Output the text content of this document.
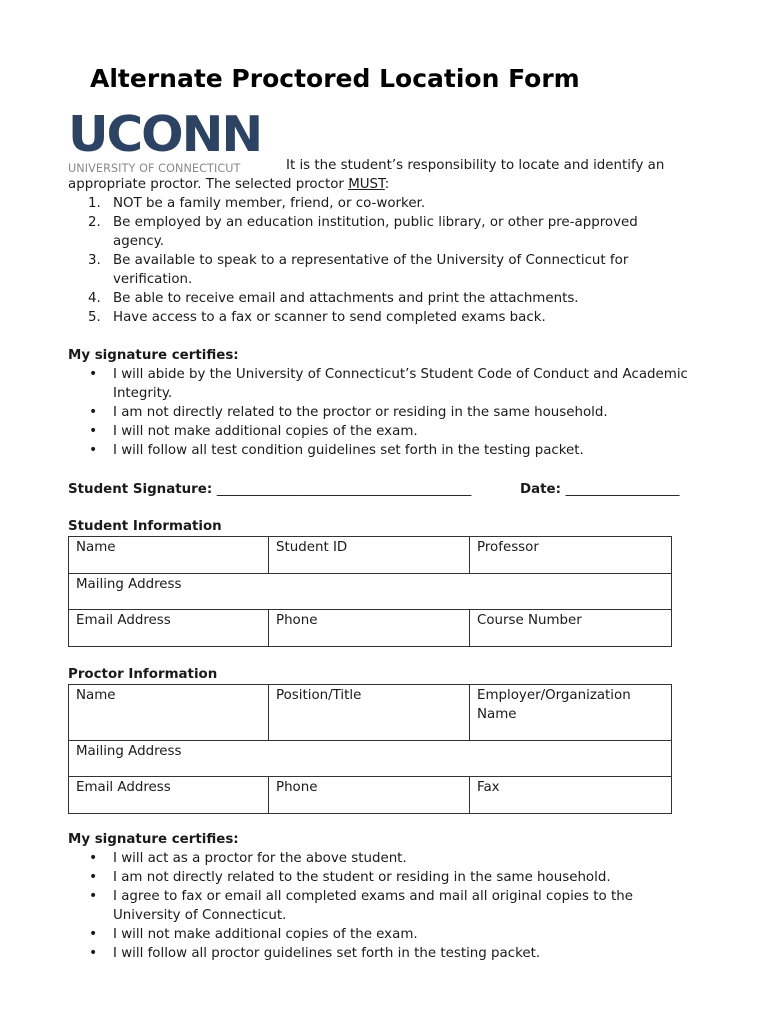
Alternate Proctored Location Form
UCONN
UNIVERSITY OF CONNECTICUT	It is the student’s responsibility to locate and identify an appropriate proctor. The selected proctor MUST:

1. NOT be a family member, friend, or co-worker.
2. Be employed by an education institution, public library, or other pre-approved agency.
3. Be available to speak to a representative of the University of Connecticut for verification.
4. Be able to receive email and attachments and print the attachments.
5. Have access to a fax or scanner to send completed exams back.

My signature certifies:

• I will abide by the University of Connecticut’s Student Code of Conduct and Academic Integrity.
• I am not directly related to the proctor or residing in the same household.
• I will not make additional copies of the exam.
• I will follow all test condition guidelines set forth in the testing packet.
Student Signature: ______________________________________	Date: _________________

Student Information

Name	Student ID	Professor
Mailing Address		
Email Address	Phone	Course Number

Proctor Information

Name	Position/Title	Employer/Organization Name
Mailing Address		
Email Address	Phone	Fax

My signature certifies:

• I will act as a proctor for the above student.
• I am not directly related to the student or residing in the same household.
• I agree to fax or email all completed exams and mail all original copies to the University of Connecticut.
• I will not make additional copies of the exam.
• I will follow all proctor guidelines set forth in the testing packet.
